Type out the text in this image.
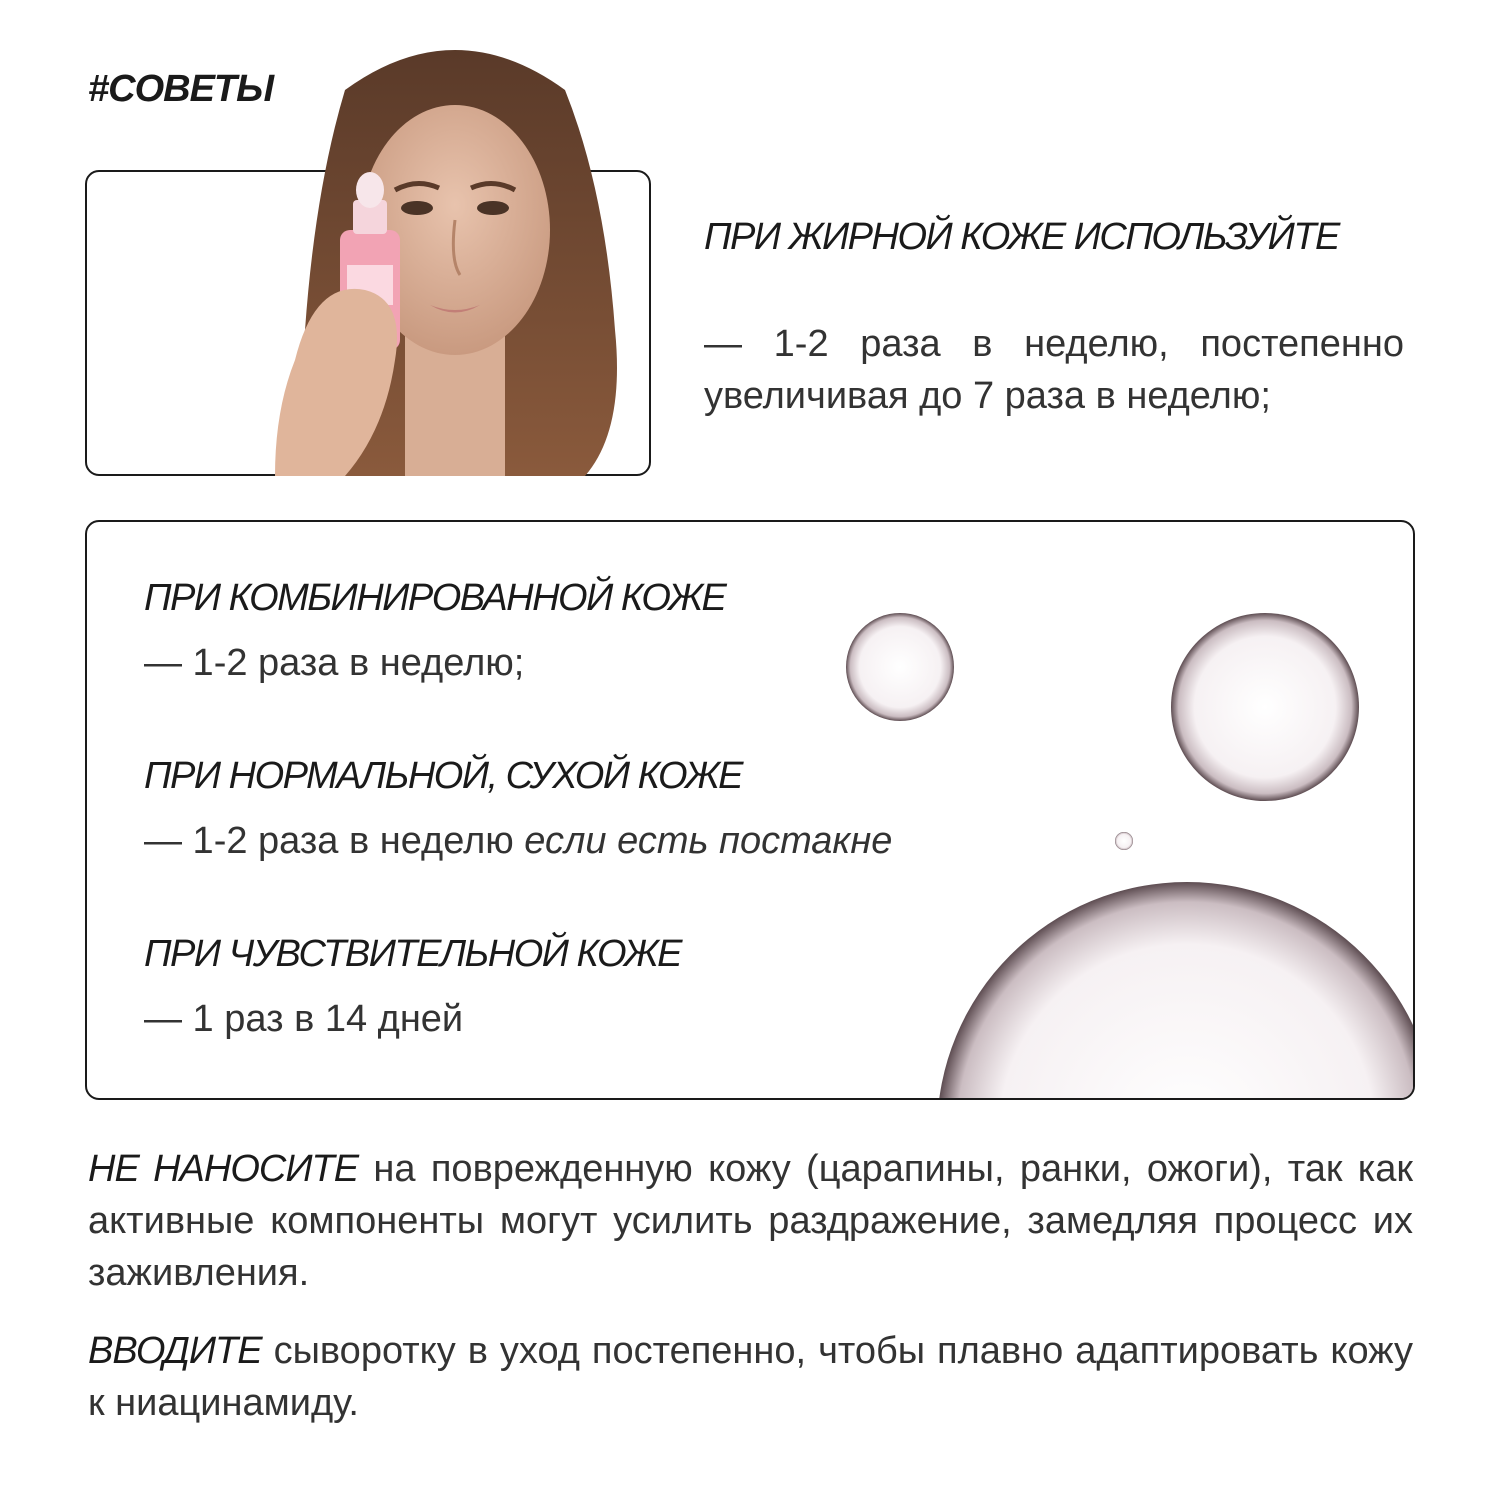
#СОВЕТЫ
ПРИ ЖИРНОЙ КОЖЕ ИСПОЛЬЗУЙТЕ
— 1-2 раза в неделю, постепенно увеличивая до 7 раза в неделю;
ПРИ КОМБИНИРОВАННОЙ КОЖЕ
— 1-2 раза в неделю;
ПРИ НОРМАЛЬНОЙ, СУХОЙ КОЖЕ
— 1-2 раза в неделю если есть постакне
ПРИ ЧУВСТВИТЕЛЬНОЙ КОЖЕ
— 1 раз в 14 дней
НЕ НАНОСИТЕ на поврежденную кожу (царапины, ранки, ожоги), так как активные компоненты могут усилить раздражение, замедляя процесс их заживления.
ВВОДИТЕ сыворотку в уход постепенно, чтобы плавно адаптировать кожу к ниацинамиду.
